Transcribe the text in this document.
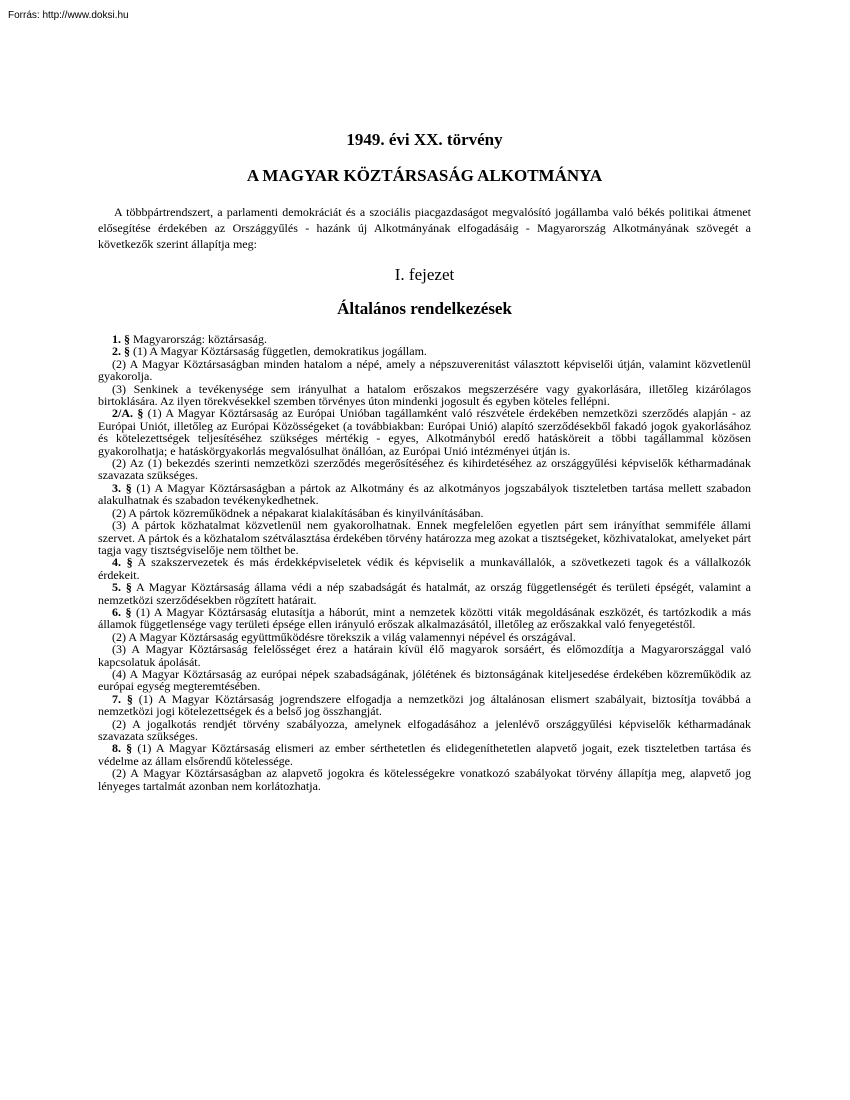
Forrás: http://www.doksi.hu
1949. évi XX. törvény
A MAGYAR KÖZTÁRSASÁG ALKOTMÁNYA

A többpártrendszert, a parlamenti demokráciát és a szociális piacgazdaságot megvalósító jogállamba való békés politikai átmenet elősegítése érdekében az Országgyűlés - hazánk új Alkotmányának elfogadásáig - Magyarország Alkotmányának szövegét a következők szerint állapítja meg:

I. fejezet
Általános rendelkezések

1. § Magyarország: köztársaság.

2. § (1) A Magyar Köztársaság független, demokratikus jogállam.

(2) A Magyar Köztársaságban minden hatalom a népé, amely a népszuverenitást választott képviselői útján, valamint közvetlenül gyakorolja.

(3) Senkinek a tevékenysége sem irányulhat a hatalom erőszakos megszerzésére vagy gyakorlására, illetőleg kizárólagos birtoklására. Az ilyen törekvésekkel szemben törvényes úton mindenki jogosult és egyben köteles fellépni.

2/A. § (1) A Magyar Köztársaság az Európai Unióban tagállamként való részvétele érdekében nemzetközi szerződés alapján - az Európai Uniót, illetőleg az Európai Közösségeket (a továbbiakban: Európai Unió) alapító szerződésekből fakadó jogok gyakorlásához és kötelezettségek teljesítéséhez szükséges mértékig - egyes, Alkotmányból eredő hatásköreit a többi tagállammal közösen gyakorolhatja; e hatáskörgyakorlás megvalósulhat önállóan, az Európai Unió intézményei útján is.

(2) Az (1) bekezdés szerinti nemzetközi szerződés megerősítéséhez és kihirdetéséhez az országgyűlési képviselők kétharmadának szavazata szükséges.

3. § (1) A Magyar Köztársaságban a pártok az Alkotmány és az alkotmányos jogszabályok tiszteletben tartása mellett szabadon alakulhatnak és szabadon tevékenykedhetnek.

(2) A pártok közreműködnek a népakarat kialakításában és kinyilvánításában.

(3) A pártok közhatalmat közvetlenül nem gyakorolhatnak. Ennek megfelelően egyetlen párt sem irányíthat semmiféle állami szervet. A pártok és a közhatalom szétválasztása érdekében törvény határozza meg azokat a tisztségeket, közhivatalokat, amelyeket párt tagja vagy tisztségviselője nem tölthet be.

4. § A szakszervezetek és más érdekképviseletek védik és képviselik a munkavállalók, a szövetkezeti tagok és a vállalkozók érdekeit.

5. § A Magyar Köztársaság állama védi a nép szabadságát és hatalmát, az ország függetlenségét és területi épségét, valamint a nemzetközi szerződésekben rögzített határait.

6. § (1) A Magyar Köztársaság elutasítja a háborút, mint a nemzetek közötti viták megoldásának eszközét, és tartózkodik a más államok függetlensége vagy területi épsége ellen irányuló erőszak alkalmazásától, illetőleg az erőszakkal való fenyegetéstől.

(2) A Magyar Köztársaság együttműködésre törekszik a világ valamennyi népével és országával.

(3) A Magyar Köztársaság felelősséget érez a határain kívül élő magyarok sorsáért, és előmozdítja a Magyarországgal való kapcsolatuk ápolását.

(4) A Magyar Köztársaság az európai népek szabadságának, jólétének és biztonságának kiteljesedése érdekében közreműködik az európai egység megteremtésében.

7. § (1) A Magyar Köztársaság jogrendszere elfogadja a nemzetközi jog általánosan elismert szabályait, biztosítja továbbá a nemzetközi jogi kötelezettségek és a belső jog összhangját.

(2) A jogalkotás rendjét törvény szabályozza, amelynek elfogadásához a jelenlévő országgyűlési képviselők kétharmadának szavazata szükséges.

8. § (1) A Magyar Köztársaság elismeri az ember sérthetetlen és elidegeníthetetlen alapvető jogait, ezek tiszteletben tartása és védelme az állam elsőrendű kötelessége.

(2) A Magyar Köztársaságban az alapvető jogokra és kötelességekre vonatkozó szabályokat törvény állapítja meg, alapvető jog lényeges tartalmát azonban nem korlátozhatja.
